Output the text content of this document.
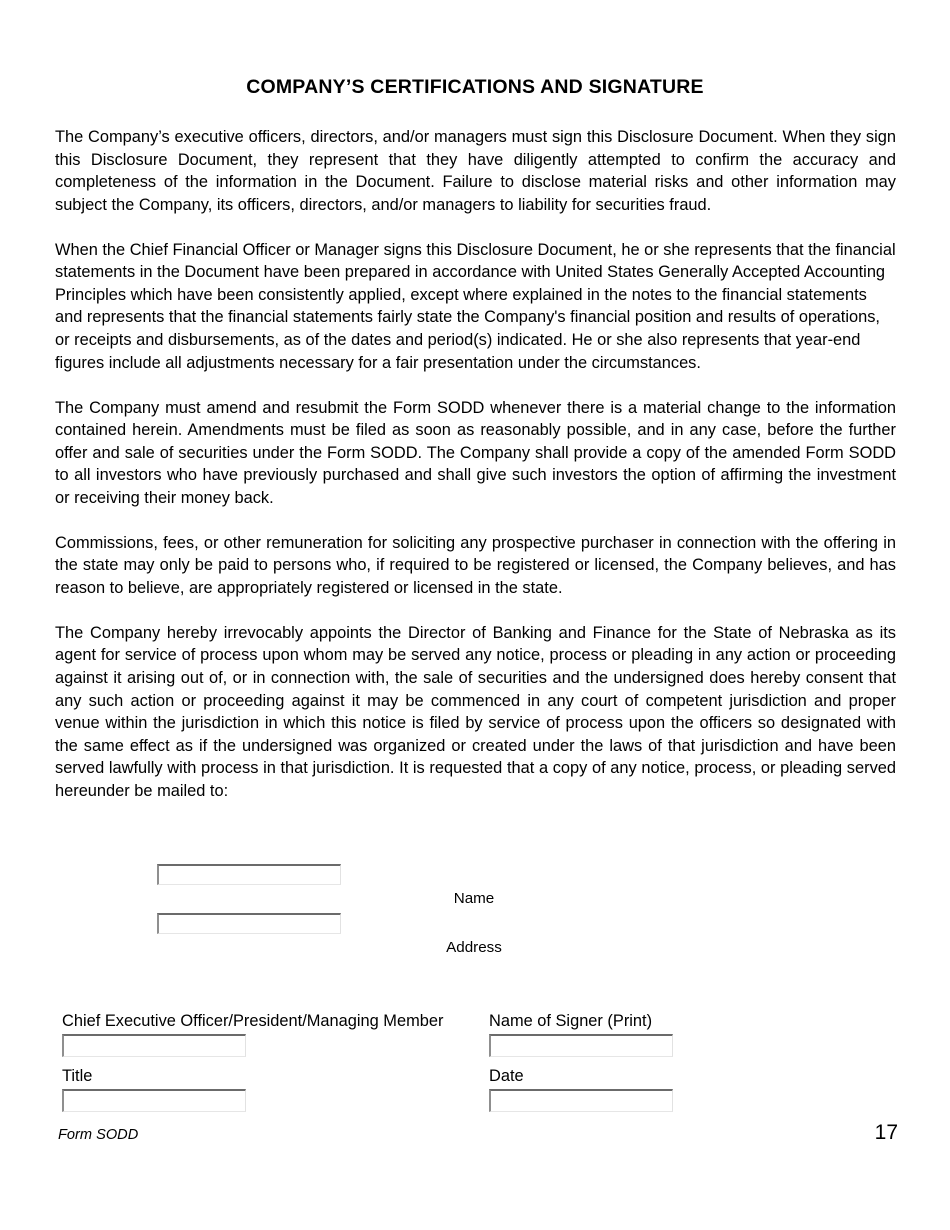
COMPANY’S CERTIFICATIONS AND SIGNATURE

The Company’s executive officers, directors, and/or managers must sign this Disclosure Document. When they sign this Disclosure Document, they represent that they have diligently attempted to confirm the accuracy and completeness of the information in the Document. Failure to disclose material risks and other information may subject the Company, its officers, directors, and/or managers to liability for securities fraud.

When the Chief Financial Officer or Manager signs this Disclosure Document, he or she represents that the financial statements in the Document have been prepared in accordance with United States Generally Accepted Accounting Principles which have been consistently applied, except where explained in the notes to the financial statements and represents that the financial statements fairly state the Company's financial position and results of operations, or receipts and disbursements, as of the dates and period(s) indicated. He or she also represents that year-end figures include all adjustments necessary for a fair presentation under the circumstances.

The Company must amend and resubmit the Form SODD whenever there is a material change to the information contained herein. Amendments must be filed as soon as reasonably possible, and in any case, before the further offer and sale of securities under the Form SODD. The Company shall provide a copy of the amended Form SODD to all investors who have previously purchased and shall give such investors the option of affirming the investment or receiving their money back.

Commissions, fees, or other remuneration for soliciting any prospective purchaser in connection with the offering in the state may only be paid to persons who, if required to be registered or licensed, the Company believes, and has reason to believe, are appropriately registered or licensed in the state.

The Company hereby irrevocably appoints the Director of Banking and Finance for the State of Nebraska as its agent for service of process upon whom may be served any notice, process or pleading in any action or proceeding against it arising out of, or in connection with, the sale of securities and the undersigned does hereby consent that any such action or proceeding against it may be commenced in any court of competent jurisdiction and proper venue within the jurisdiction in which this notice is filed by service of process upon the officers so designated with the same effect as if the undersigned was organized or created under the laws of that jurisdiction and have been served lawfully with process in that jurisdiction. It is requested that a copy of any notice, process, or pleading served hereunder be mailed to:

Name
Address
Chief Executive Officer/President/Managing Member	Name of Signer (Print)
Title	Date
Form SODD	17
